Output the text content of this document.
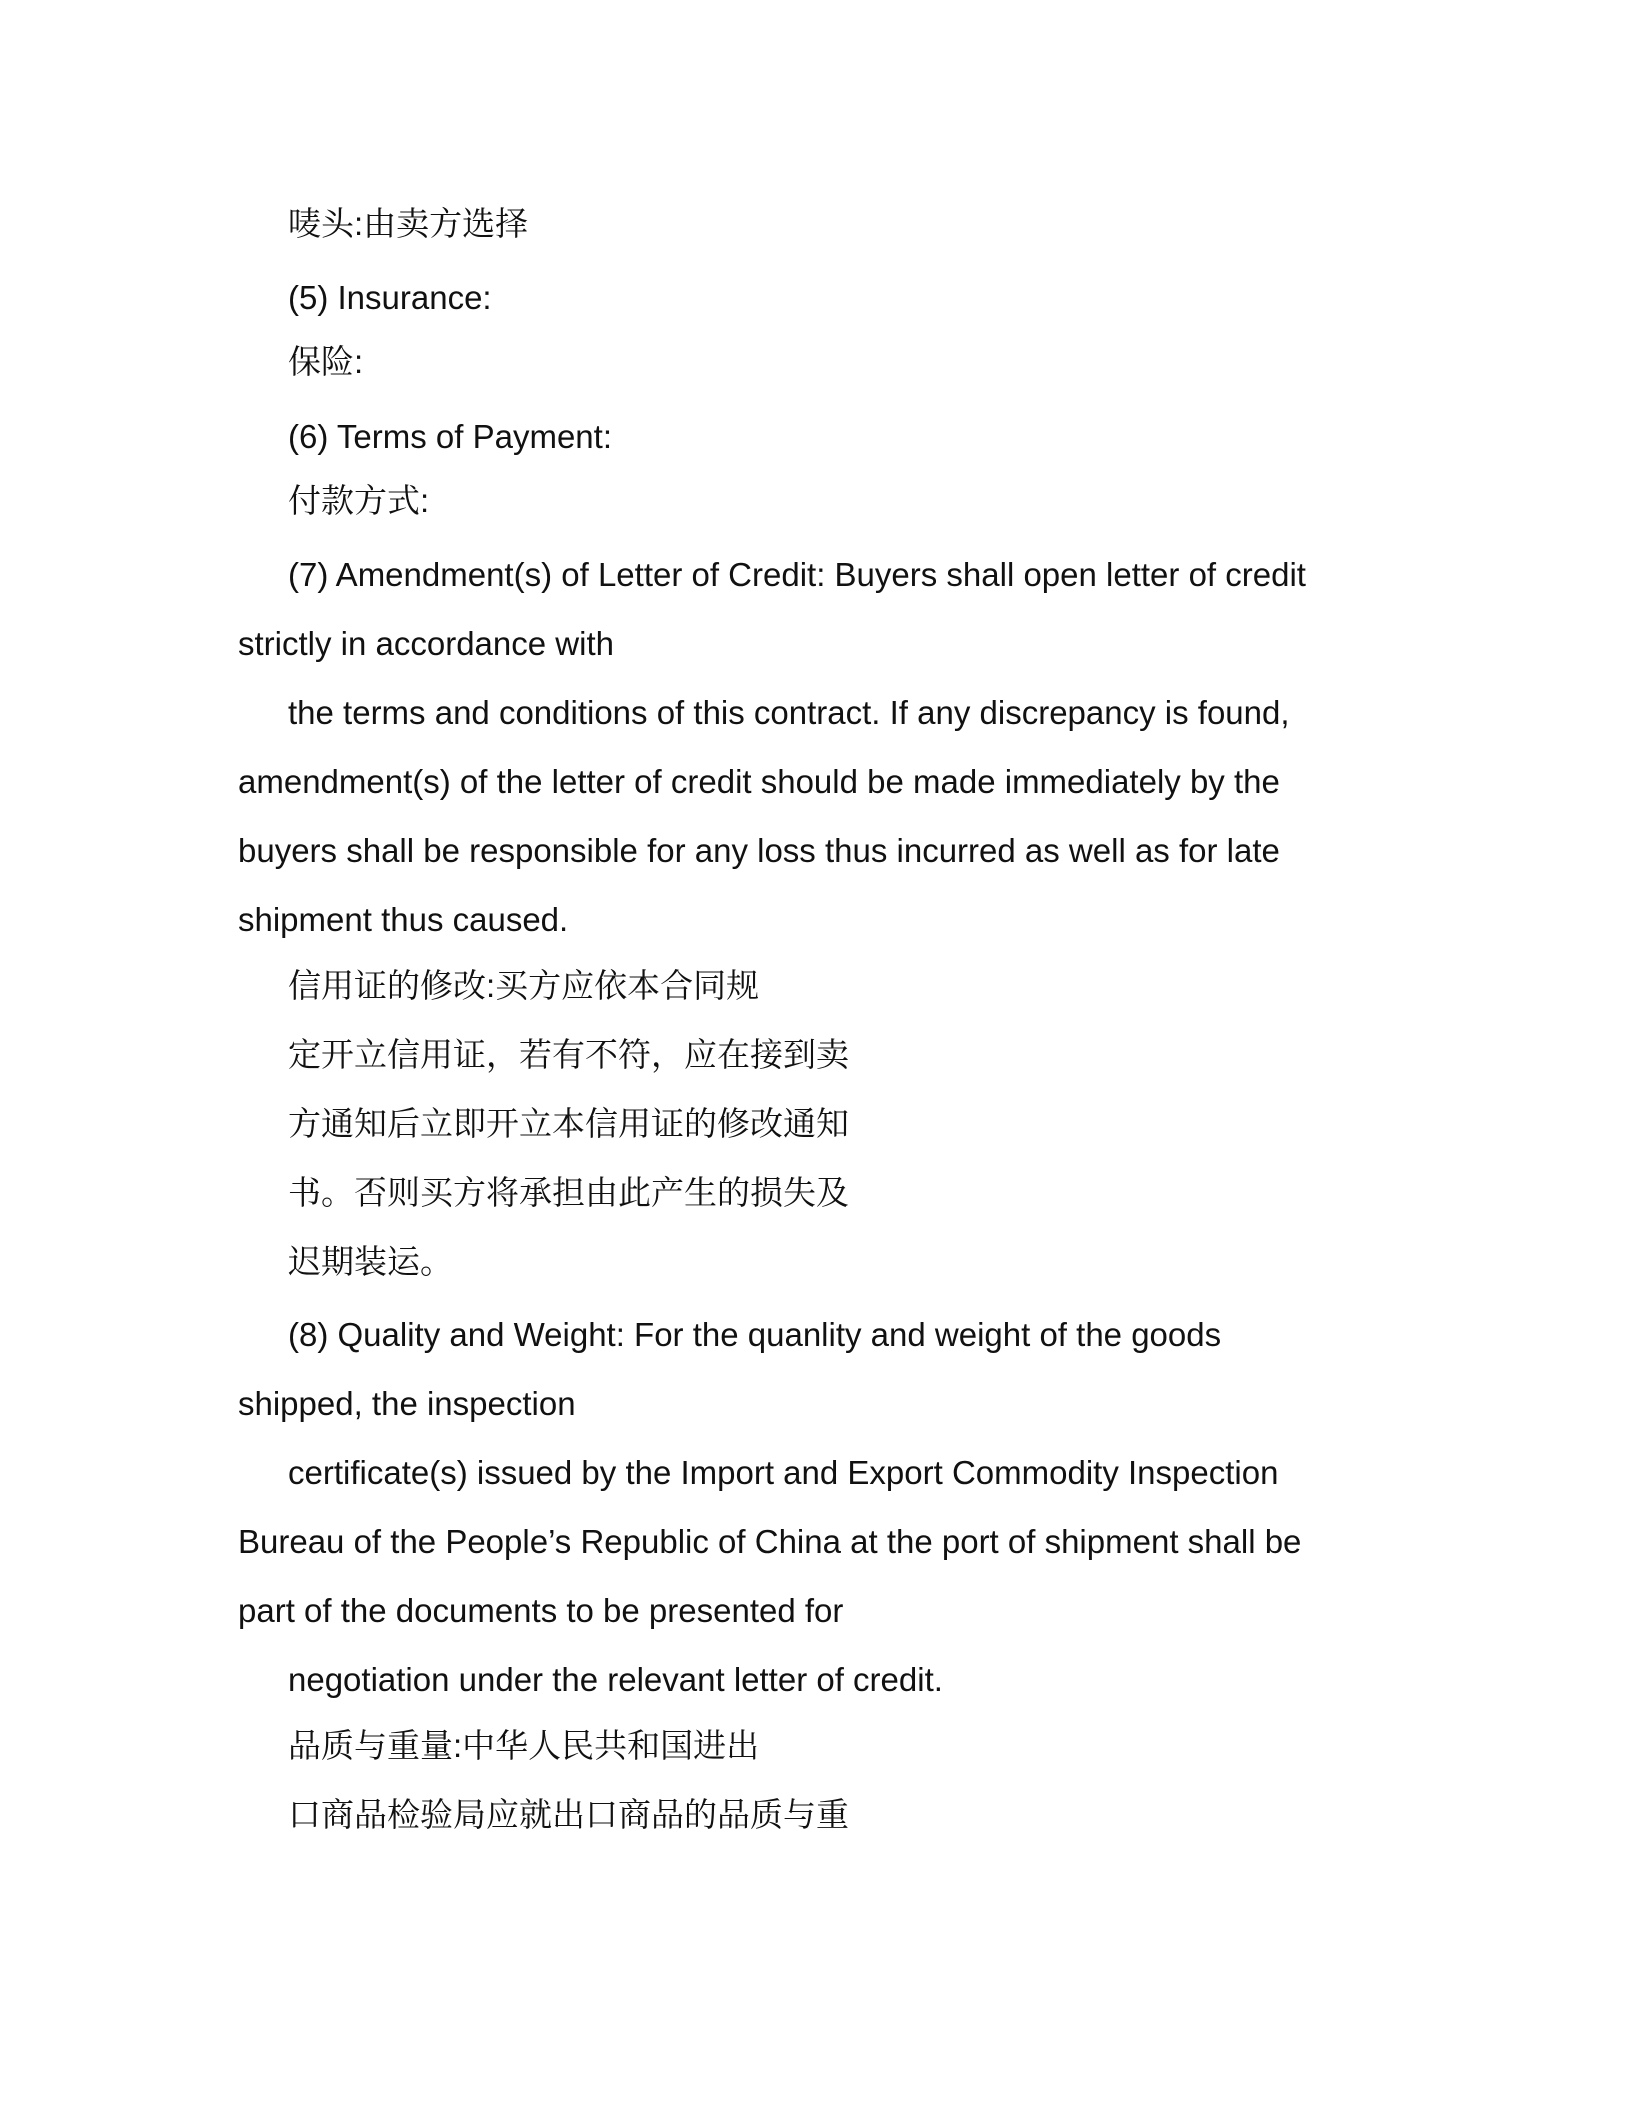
唛头:由卖方选择
(5) Insurance:
保险:
(6) Terms of Payment:
付款方式:
(7) Amendment(s) of Letter of Credit: Buyers shall open letter of credit
strictly in accordance with
the terms and conditions of this contract. If any discrepancy is found,
amendment(s) of the letter of credit should be made immediately by the
buyers shall be responsible for any loss thus incurred as well as for late
shipment thus caused.
信用证的修改:买方应依本合同规
定开立信用证，若有不符，应在接到卖
方通知后立即开立本信用证的修改通知
书。否则买方将承担由此产生的损失及
迟期装运。
(8) Quality and Weight: For the quanlity and weight of the goods
shipped, the inspection
certificate(s) issued by the Import and Export Commodity Inspection
Bureau of the People’s Republic of China at the port of shipment shall be
part of the documents to be presented for
negotiation under the relevant letter of credit.
品质与重量:中华人民共和国进出
口商品检验局应就出口商品的品质与重
